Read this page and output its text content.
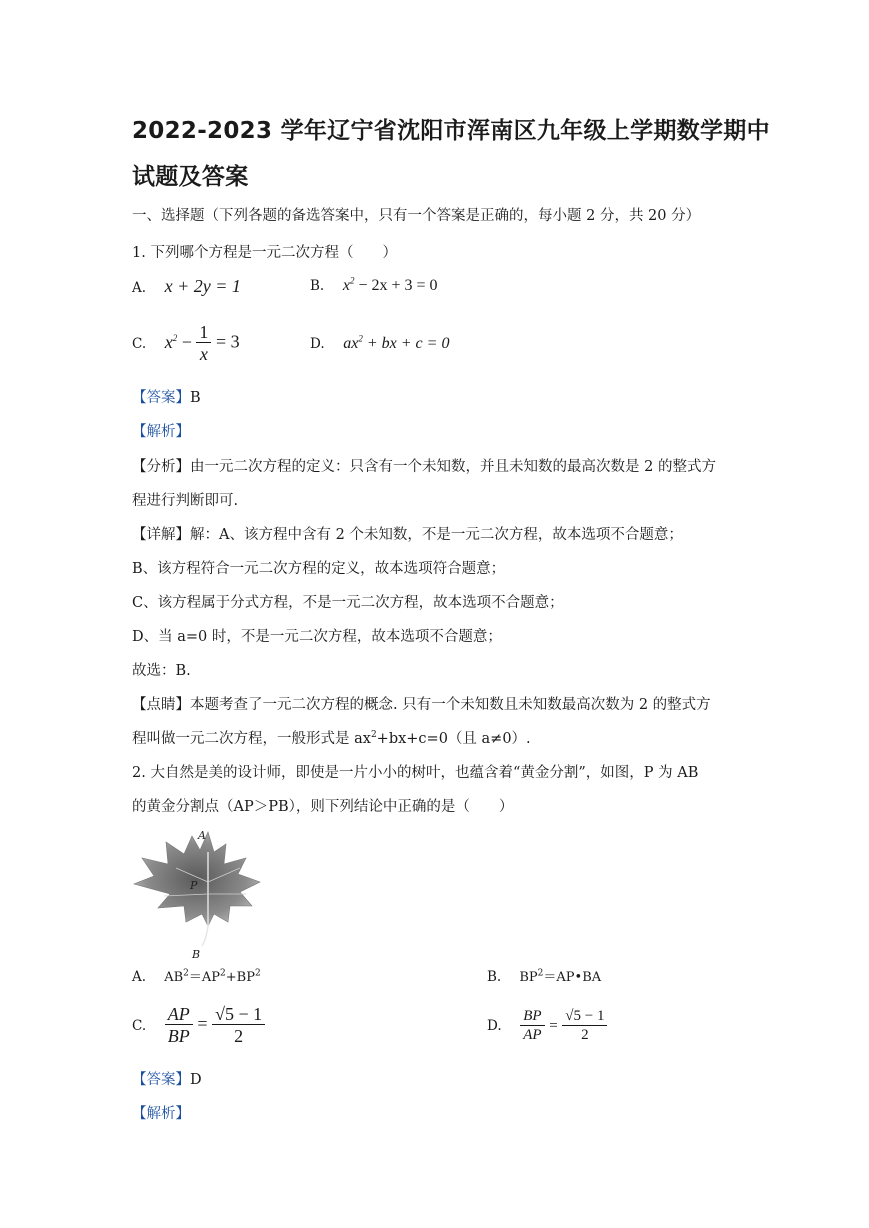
2022-2023 学年辽宁省沈阳市浑南区九年级上学期数学期中
试题及答案
一、选择题（下列各题的备选答案中，只有一个答案是正确的，每小题 2 分，共 20 分）
1. 下列哪个方程是一元二次方程（　　）
A. x + 2y = 1	B. $x^2 - 2x + 3 = 0$
C. $x^2 - \frac{1}{x} = 3$	D. $ax^2$ + bx + c = 0
【答案】B
【解析】
【分析】由一元二次方程的定义：只含有一个未知数，并且未知数的最高次数是 2 的整式方
程进行判断即可.
【详解】解：A、该方程中含有 2 个未知数，不是一元二次方程，故本选项不合题意；
B、该方程符合一元二次方程的定义，故本选项符合题意；
C、该方程属于分式方程，不是一元二次方程，故本选项不合题意；
D、当 a=0 时，不是一元二次方程，故本选项不合题意；
故选：B.
【点睛】本题考查了一元二次方程的概念. 只有一个未知数且未知数最高次数为 2 的整式方
程叫做一元二次方程，一般形式是 $ax^2+bx+c=0$（且 a≠0）.
2. 大自然是美的设计师，即使是一片小小的树叶，也蕴含着“黄金分割”，如图，P 为 AB
的黄金分割点（AP＞PB），则下列结论中正确的是（　　）
A
P
B
A. $AB^2=AP^2+BP^2$	B. $BP^2=AP•BA$
C. $\frac{AP}{BP} = \frac{√5 - 1}{2}$	D. $\frac{BP}{AP} = \frac{√5 - 1}{2}$
【答案】D
【解析】
